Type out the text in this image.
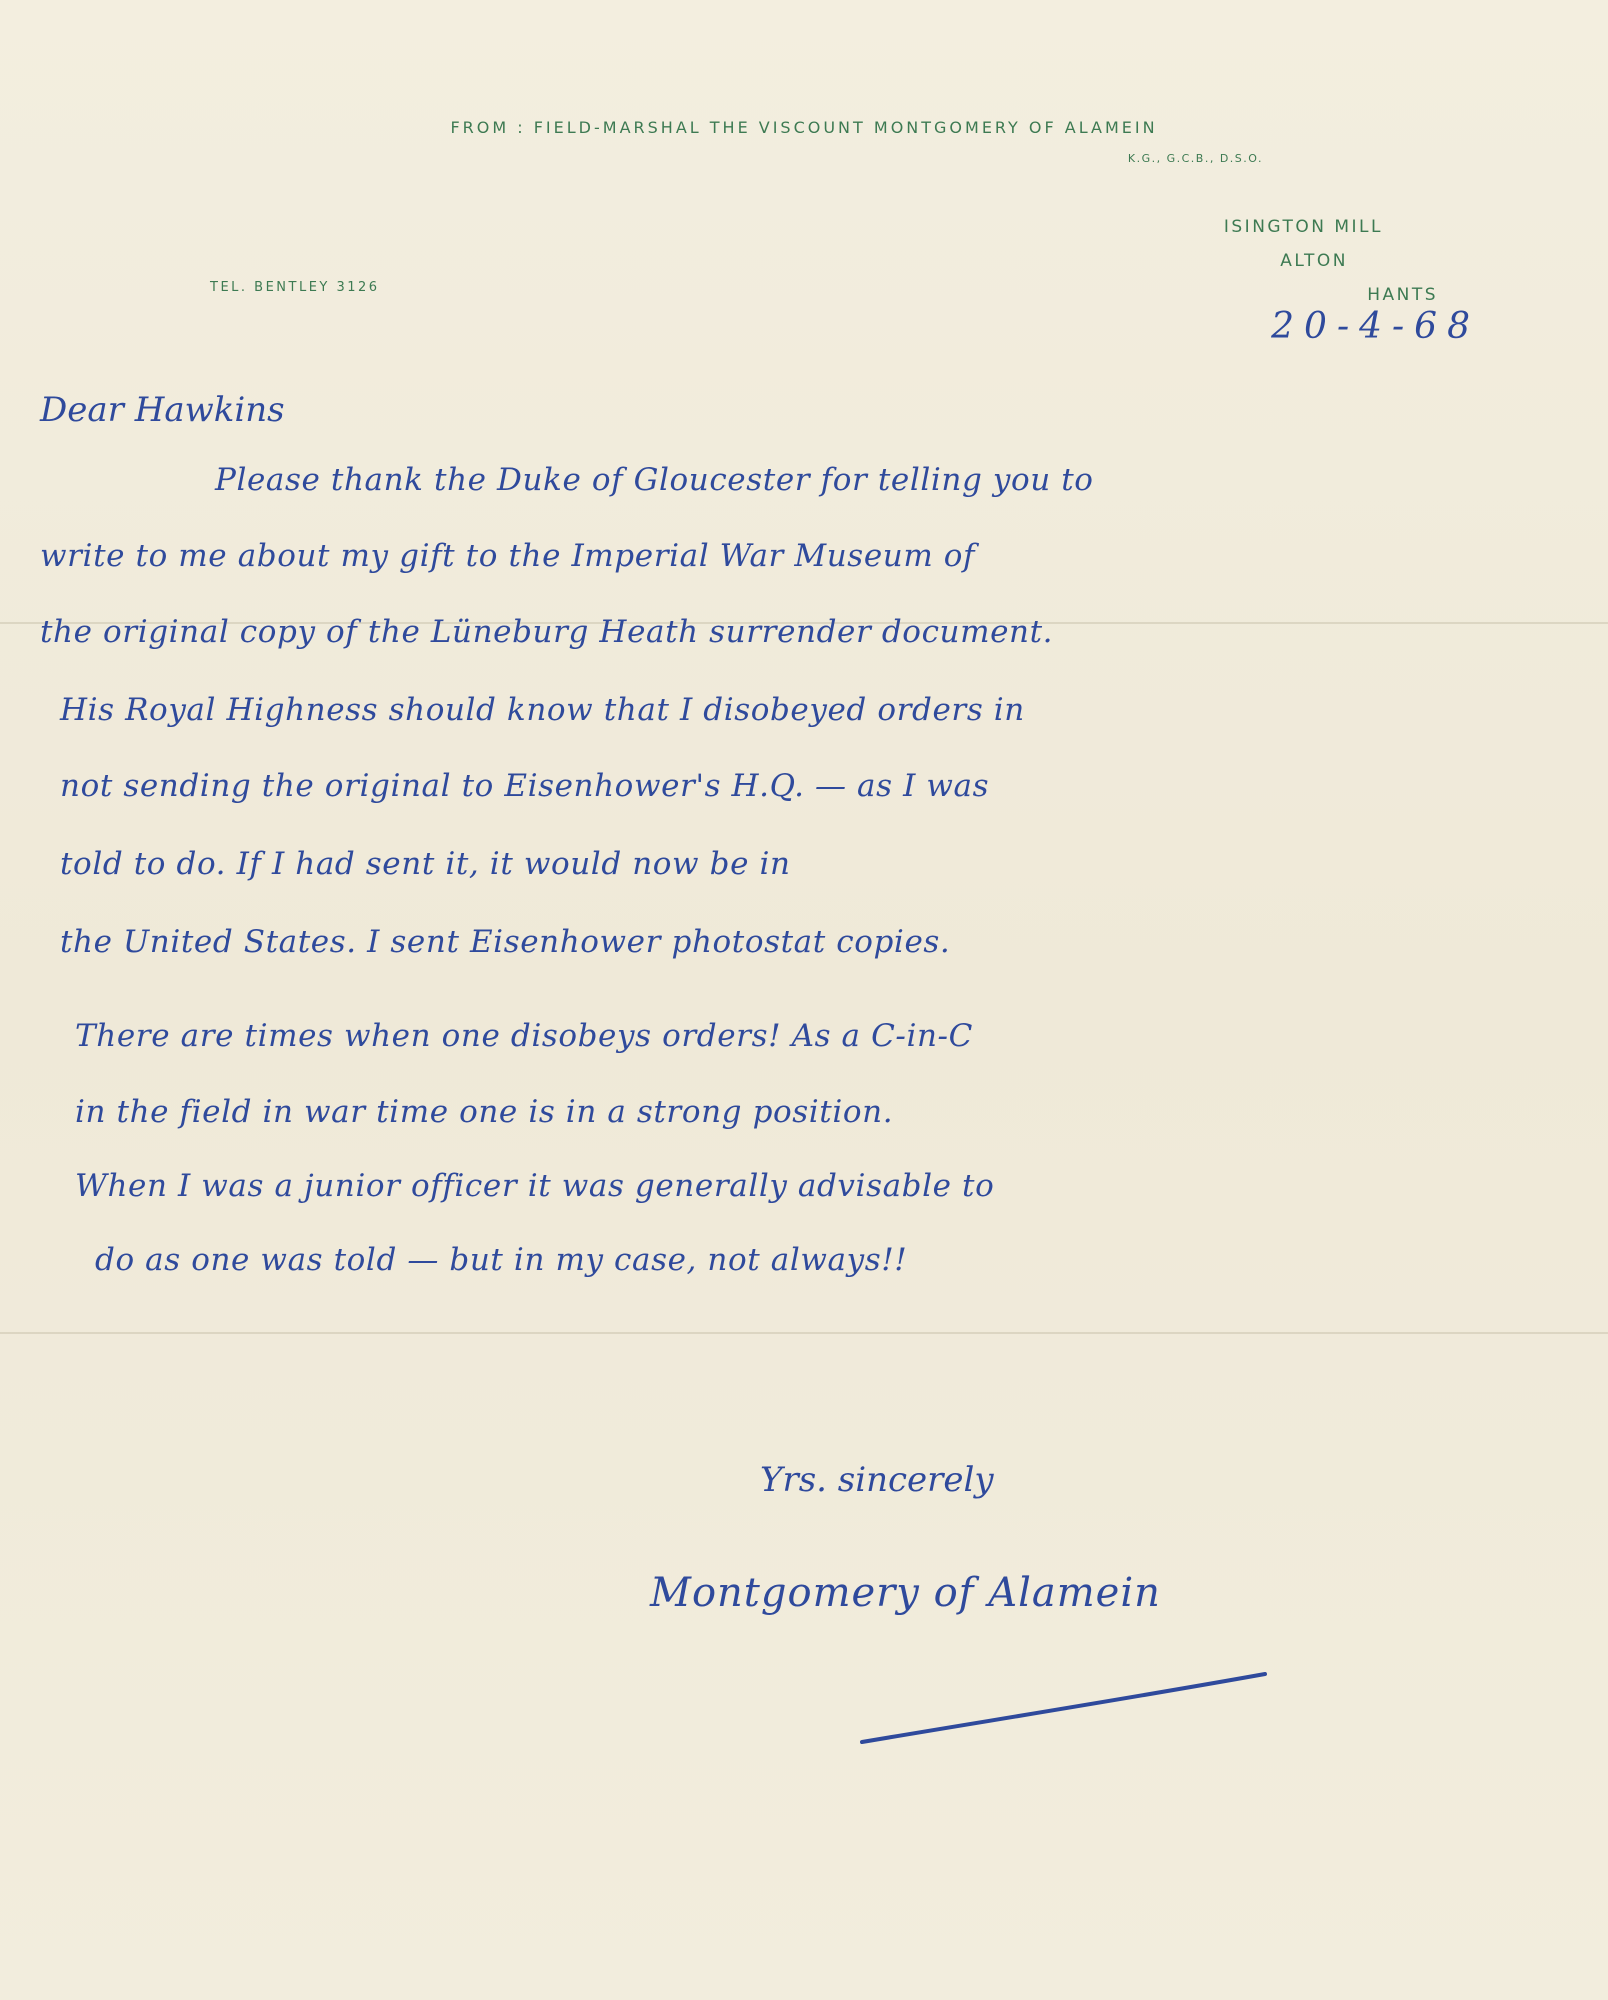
FROM : FIELD-MARSHAL THE VISCOUNT MONTGOMERY OF ALAMEIN
K.G., G.C.B., D.S.O.
ISINGTON MILL
ALTON
HANTS
TEL. BENTLEY 3126
20-4-68
Dear Hawkins
Please thank the Duke of Gloucester for telling you to
write to me about my gift to the Imperial War Museum of
the original copy of the Lüneburg Heath surrender document.
His Royal Highness should know that I disobeyed orders in
not sending the original to Eisenhower's H.Q. — as I was
told to do. If I had sent it, it would now be in
the United States. I sent Eisenhower photostat copies.
There are times when one disobeys orders! As a C-in-C
in the field in war time one is in a strong position.
When I was a junior officer it was generally advisable to
do as one was told — but in my case, not always!!
Yrs. sincerely
Montgomery of Alamein
